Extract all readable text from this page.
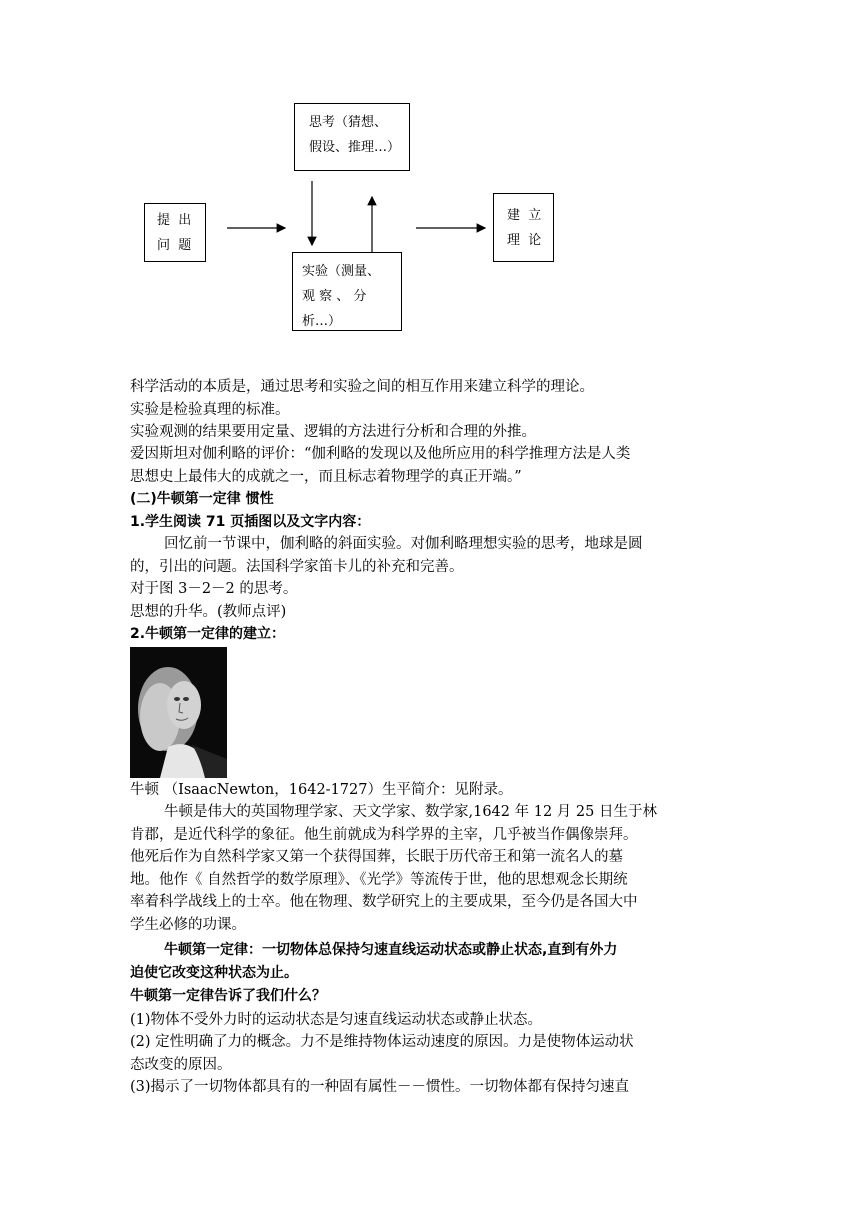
思考（猜想、
假设、推理…）
提  出
问  题
建  立
理  论
实验（测量、
观 察 、 分
析…）
科学活动的本质是，通过思考和实验之间的相互作用来建立科学的理论。
实验是检验真理的标准。
实验观测的结果要用定量、逻辑的方法进行分析和合理的外推。
爱因斯坦对伽利略的评价：“伽利略的发现以及他所应用的科学推理方法是人类
思想史上最伟大的成就之一，而且标志着物理学的真正开端。”
(二)牛顿第一定律 惯性
1.学生阅读 71 页插图以及文字内容：
回忆前一节课中，伽利略的斜面实验。对伽利略理想实验的思考，地球是圆
的，引出的问题。法国科学家笛卡儿的补充和完善。
对于图 3－2－2 的思考。
思想的升华。(教师点评)
2.牛顿第一定律的建立：
牛顿 （IsaacNewton，1642-1727）生平简介：见附录。
牛顿是伟大的英国物理学家、天文学家、数学家,1642 年 12 月 25 日生于林
肯郡，是近代科学的象征。他生前就成为科学界的主宰，几乎被当作偶像崇拜。
他死后作为自然科学家又第一个获得国葬，长眠于历代帝王和第一流名人的墓
地。他作《 自然哲学的数学原理》、《光学》等流传于世，他的思想观念长期统
率着科学战线上的士卒。他在物理、数学研究上的主要成果，至今仍是各国大中
学生必修的功课。
牛顿第一定律：一切物体总保持匀速直线运动状态或静止状态,直到有外力
迫使它改变这种状态为止。
牛顿第一定律告诉了我们什么？
(1)物体不受外力时的运动状态是匀速直线运动状态或静止状态。
(2) 定性明确了力的概念。力不是维持物体运动速度的原因。力是使物体运动状
态改变的原因。
(3)揭示了一切物体都具有的一种固有属性－－惯性。一切物体都有保持匀速直
